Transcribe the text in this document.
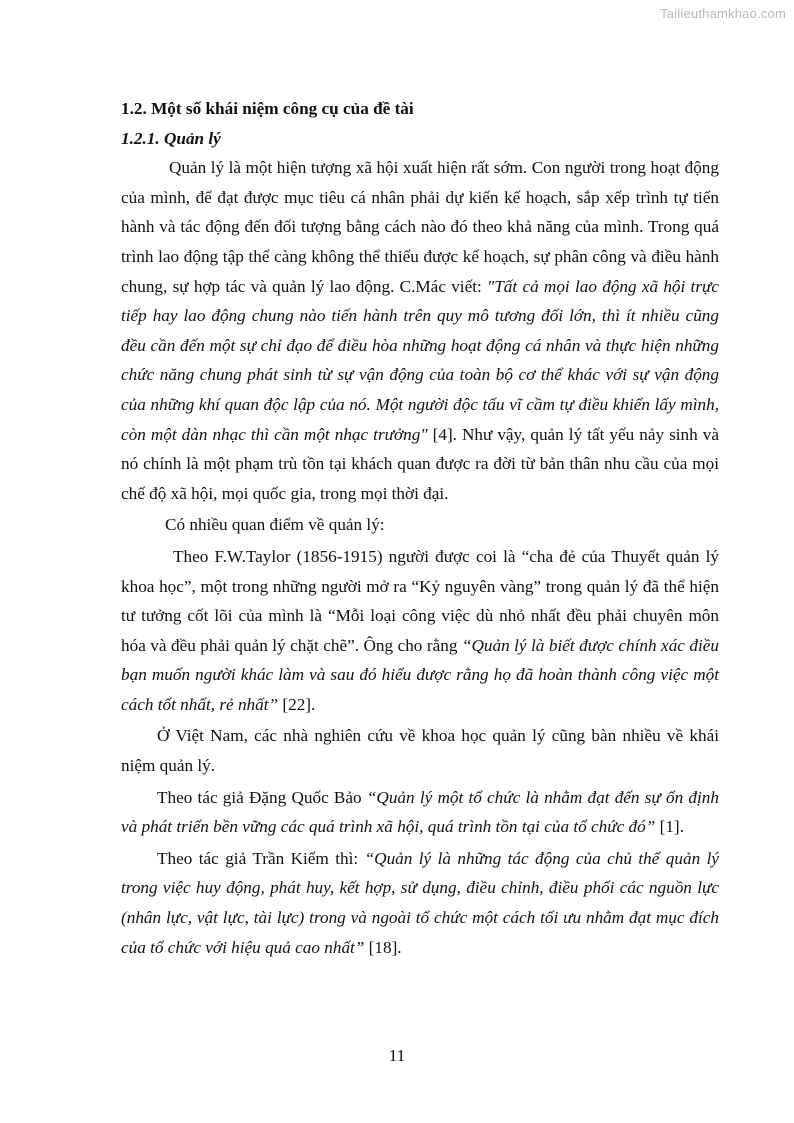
Tailieuthamkhao.com
1.2. Một số khái niệm công cụ của đề tài
1.2.1. Quản lý

Quản lý là một hiện tượng xã hội xuất hiện rất sớm. Con người trong hoạt động của mình, để đạt được mục tiêu cá nhân phải dự kiến kế hoạch, sắp xếp trình tự tiến hành và tác động đến đối tượng bằng cách nào đó theo khả năng của mình. Trong quá trình lao động tập thể càng không thể thiếu được kế hoạch, sự phân công và điều hành chung, sự hợp tác và quản lý lao động. C.Mác viết: "Tất cả mọi lao động xã hội trực tiếp hay lao động chung nào tiến hành trên quy mô tương đối lớn, thì ít nhiều cũng đều cần đến một sự chỉ đạo để điều hòa những hoạt động cá nhân và thực hiện những chức năng chung phát sinh từ sự vận động của toàn bộ cơ thể khác với sự vận động của những khí quan độc lập của nó. Một người độc tấu vĩ cầm tự điều khiển lấy mình, còn một dàn nhạc thì cần một nhạc trưởng" [4]. Như vậy, quản lý tất yếu nảy sinh và nó chính là một phạm trù tồn tại khách quan được ra đời từ bản thân nhu cầu của mọi chế độ xã hội, mọi quốc gia, trong mọi thời đại.

Có nhiều quan điểm về quản lý:

Theo F.W.Taylor (1856-1915) người được coi là “cha đẻ của Thuyết quản lý khoa học”, một trong những người mở ra “Kỷ nguyên vàng” trong quản lý đã thể hiện tư tưởng cốt lõi của mình là “Mỗi loại công việc dù nhỏ nhất đều phải chuyên môn hóa và đều phải quản lý chặt chẽ”. Ông cho rằng “Quản lý là biết được chính xác điều bạn muốn người khác làm và sau đó hiểu được rằng họ đã hoàn thành công việc một cách tốt nhất, rẻ nhất” [22].

Ở Việt Nam, các nhà nghiên cứu về khoa học quản lý cũng bàn nhiều về khái niệm quản lý.

Theo tác giả Đặng Quốc Bảo “Quản lý một tổ chức là nhằm đạt đến sự ổn định và phát triển bền vững các quá trình xã hội, quá trình tồn tại của tổ chức đó” [1].

Theo tác giả Trần Kiểm thì: “Quản lý là những tác động của chủ thể quản lý trong việc huy động, phát huy, kết hợp, sử dụng, điều chỉnh, điều phối các nguồn lực (nhân lực, vật lực, tài lực) trong và ngoài tổ chức một cách tối ưu nhằm đạt mục đích của tổ chức với hiệu quả cao nhất” [18].

11
